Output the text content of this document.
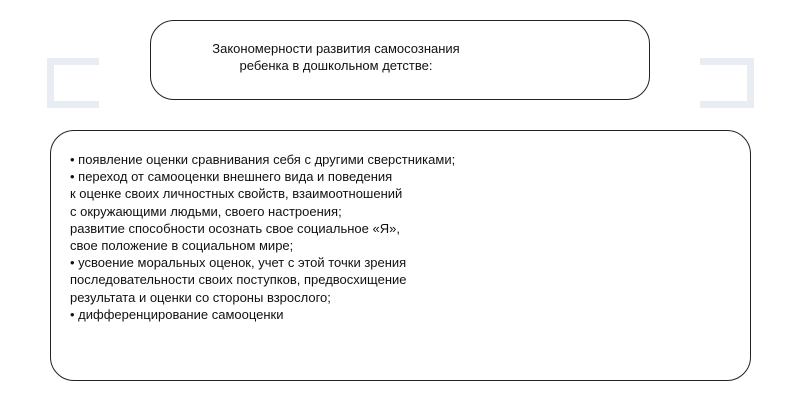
Закономерности развития самосознания
ребенка в дошкольном детстве:
• появление оценки сравнивания себя с другими сверстниками;
• переход от самооценки внешнего вида и поведения
к оценке своих личностных свойств, взаимоотношений
с окружающими людьми, своего настроения;
развитие способности осознать свое социальное «Я»,
свое положение в социальном мире;
• усвоение моральных оценок, учет с этой точки зрения
последовательности своих поступков, предвосхищение
результата и оценки со стороны взрослого;
• дифференцирование самооценки
